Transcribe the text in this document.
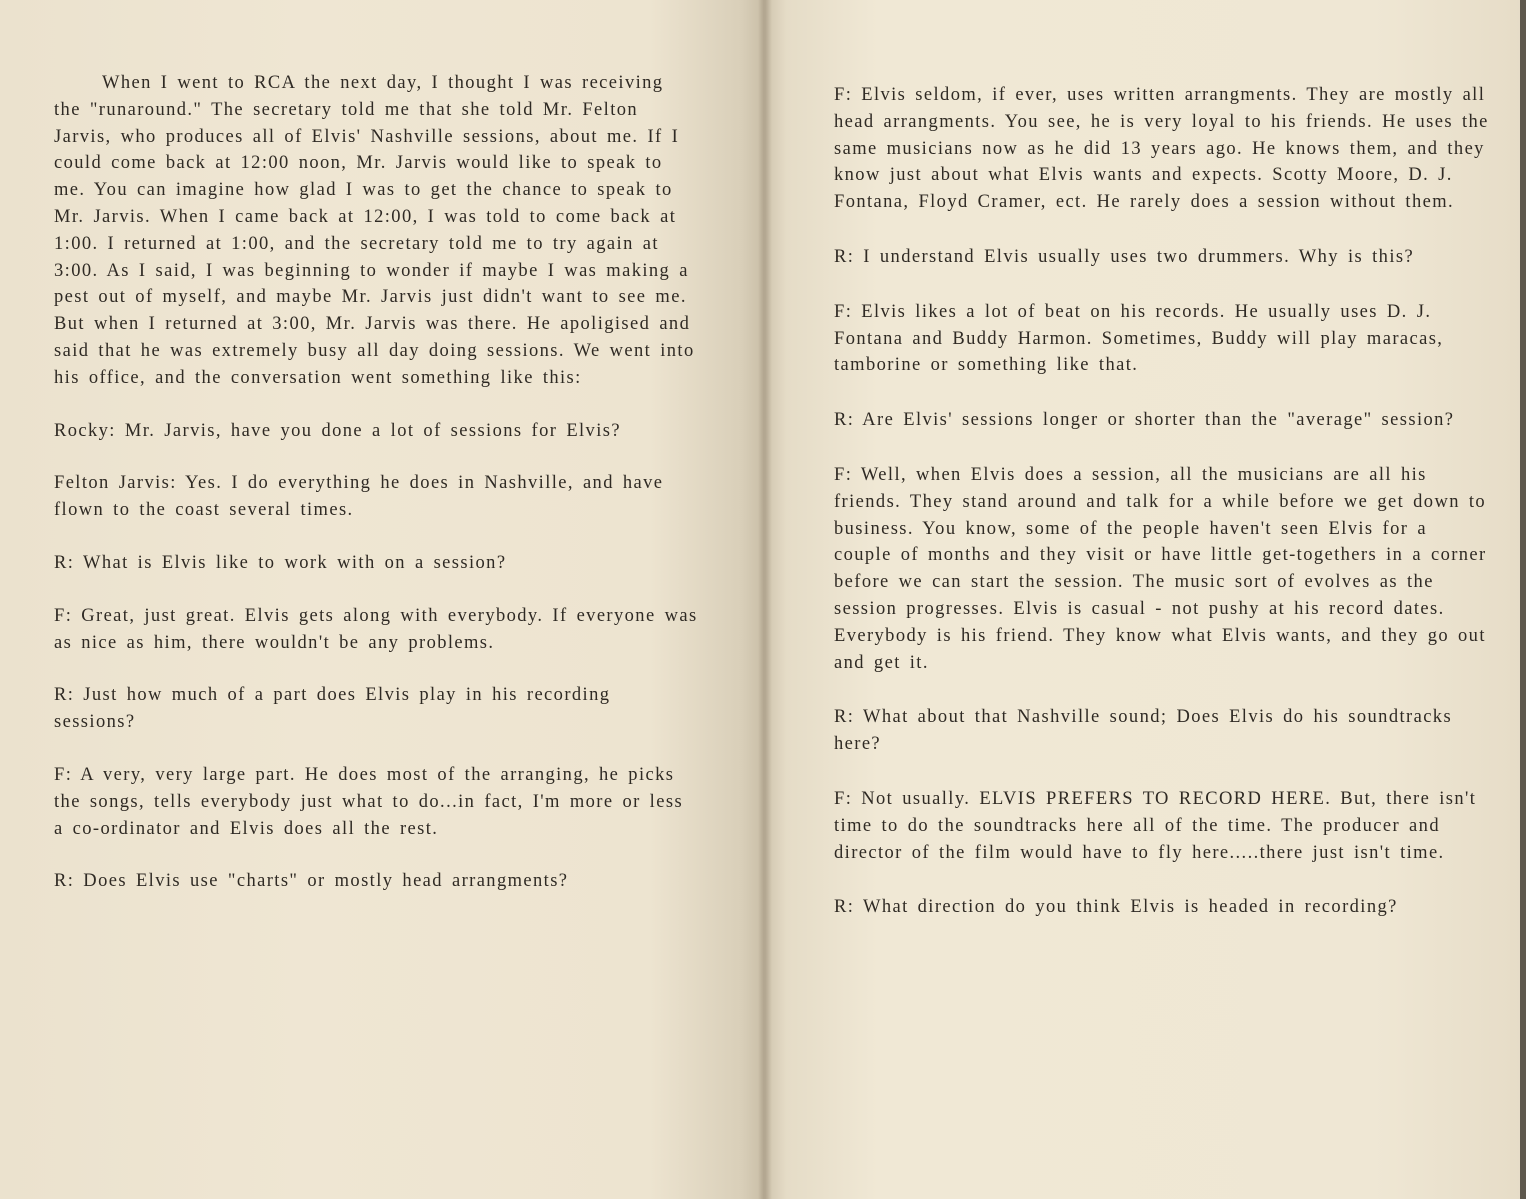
When I went to RCA the next day, I thought I was receiving the "runaround." The secretary told me that she told Mr. Felton Jarvis, who produces all of Elvis' Nashville sessions, about me. If I could come back at 12:00 noon, Mr. Jarvis would like to speak to me. You can imagine how glad I was to get the chance to speak to Mr. Jarvis. When I came back at 12:00, I was told to come back at 1:00. I returned at 1:00, and the secretary told me to try again at 3:00. As I said, I was beginning to wonder if maybe I was making a pest out of myself, and maybe Mr. Jarvis just didn't want to see me. But when I returned at 3:00, Mr. Jarvis was there. He apoligised and said that he was extremely busy all day doing sessions. We went into his office, and the conversation went something like this:

Rocky: Mr. Jarvis, have you done a lot of sessions for Elvis?

Felton Jarvis: Yes. I do everything he does in Nashville, and have flown to the coast several times.

R: What is Elvis like to work with on a session?

F: Great, just great. Elvis gets along with everybody. If everyone was as nice as him, there wouldn't be any problems.

R: Just how much of a part does Elvis play in his recording sessions?

F: A very, very large part. He does most of the arranging, he picks the songs, tells everybody just what to do...in fact, I'm more or less a co-ordinator and Elvis does all the rest.

R: Does Elvis use "charts" or mostly head arrangments?

F: Elvis seldom, if ever, uses written arrangments. They are mostly all head arrangments. You see, he is very loyal to his friends. He uses the same musicians now as he did 13 years ago. He knows them, and they know just about what Elvis wants and expects. Scotty Moore, D. J. Fontana, Floyd Cramer, ect. He rarely does a session without them.

R: I understand Elvis usually uses two drummers. Why is this?

F: Elvis likes a lot of beat on his records. He usually uses D. J. Fontana and Buddy Harmon. Sometimes, Buddy will play maracas, tamborine or something like that.

R: Are Elvis' sessions longer or shorter than the "average" session?

F: Well, when Elvis does a session, all the musicians are all his friends. They stand around and talk for a while before we get down to business. You know, some of the people haven't seen Elvis for a couple of months and they visit or have little get-togethers in a corner before we can start the session. The music sort of evolves as the session progresses. Elvis is casual - not pushy at his record dates. Everybody is his friend. They know what Elvis wants, and they go out and get it.

R: What about that Nashville sound; Does Elvis do his soundtracks here?

F: Not usually. ELVIS PREFERS TO RECORD HERE. But, there isn't time to do the soundtracks here all of the time. The producer and director of the film would have to fly here.....there just isn't time.

R: What direction do you think Elvis is headed in recording?
